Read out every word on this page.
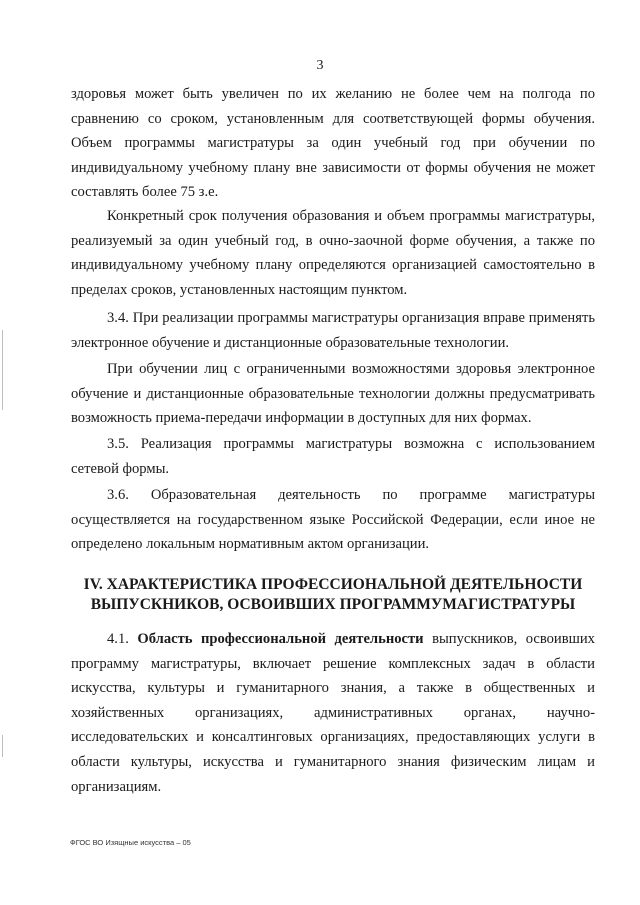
3

здоровья может быть увеличен по их желанию не более чем на полгода по сравнению со сроком, установленным для соответствующей формы обучения. Объем программы магистратуры за один учебный год при обучении по индивидуальному учебному плану вне зависимости от формы обучения не может составлять более 75 з.е.

Конкретный срок получения образования и объем программы магистратуры, реализуемый за один учебный год, в очно-заочной форме обучения, а также по индивидуальному учебному плану определяются организацией самостоятельно в пределах сроков, установленных настоящим пунктом.

3.4. При реализации программы магистратуры организация вправе применять электронное обучение и дистанционные образовательные технологии.

При обучении лиц с ограниченными возможностями здоровья электронное обучение и дистанционные образовательные технологии должны предусматривать возможность приема-передачи информации в доступных для них формах.

3.5. Реализация программы магистратуры возможна с использованием сетевой формы.

3.6. Образовательная деятельность по программе магистратуры осуществляется на государственном языке Российской Федерации, если иное не определено локальным нормативным актом организации.

IV. ХАРАКТЕРИСТИКА ПРОФЕССИОНАЛЬНОЙ ДЕЯТЕЛЬНОСТИ
ВЫПУСКНИКОВ, ОСВОИВШИХ ПРОГРАММУМАГИСТРАТУРЫ

4.1. Область профессиональной деятельности выпускников, освоивших программу магистратуры, включает решение комплексных задач в области искусства, культуры и гуманитарного знания, а также в общественных и хозяйственных организациях, административных органах, научно-исследовательских и консалтинговых организациях, предоставляющих услуги в области культуры, искусства и гуманитарного знания физическим лицам и организациям.

ФГОС ВО Изящные искусства – 05
